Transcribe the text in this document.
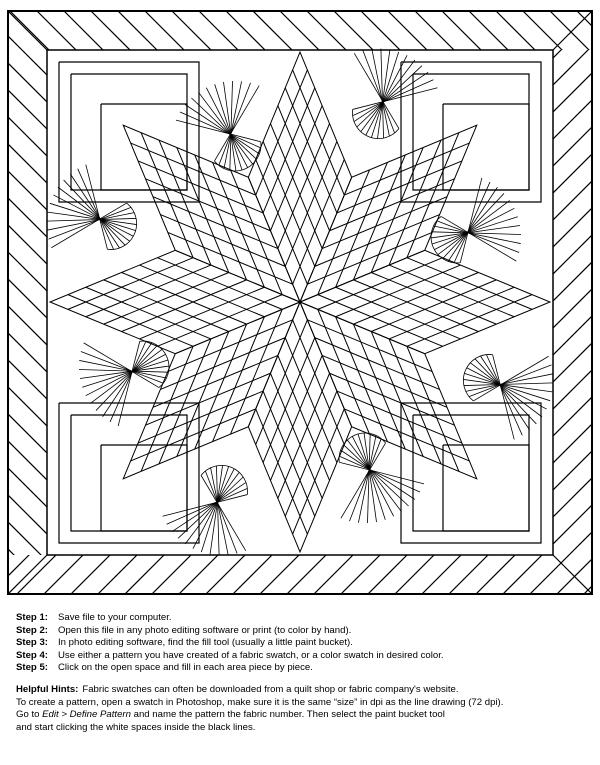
Step 1: Save file to your computer.
Step 2: Open this file in any photo editing software or print (to color by hand).
Step 3: In photo editing software, find the fill tool (usually a little paint bucket).
Step 4: Use either a pattern you have created of a fabric swatch, or a color swatch in desired color.
Step 5: Click on the open space and fill in each area piece by piece.
Helpful Hints: Fabric swatches can often be downloaded from a quilt shop or fabric company's website.
To create a pattern, open a swatch in Photoshop, make sure it is the same “size” in dpi as the line drawing (72 dpi).
Go to Edit > Define Pattern and name the pattern the fabric number. Then select the paint bucket tool
and start clicking the white spaces inside the black lines.
